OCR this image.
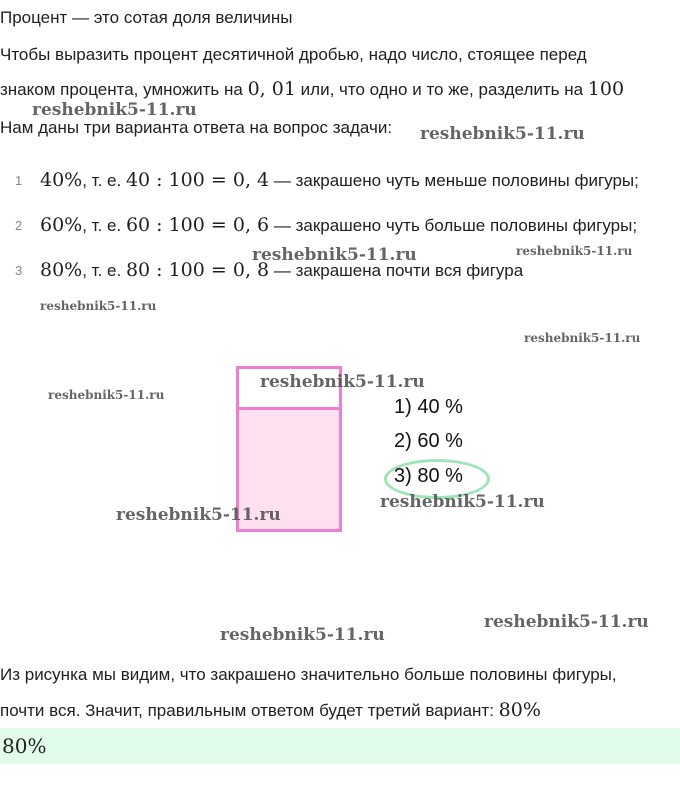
Процент — это сотая доля величины
Чтобы выразить процент десятичной дробью, надо число, стоящее перед
знаком процента, умножить на 0, 01 или, что одно и то же, разделить на 100
Нам даны три варианта ответа на вопрос задачи:
1 40%, т. е. 40 : 100 = 0, 4 — закрашено чуть меньше половины фигуры;
2 60%, т. е. 60 : 100 = 0, 6 — закрашено чуть больше половины фигуры;
3 80%, т. е. 80 : 100 = 0, 8 — закрашена почти вся фигура
1) 40 %
2) 60 %
3) 80 %
Из рисунка мы видим, что закрашено значительно больше половины фигуры,
почти вся. Значит, правильным ответом будет третий вариант: 80%
80%
reshebnik5-11.ru
reshebnik5-11.ru
reshebnik5-11.ru	reshebnik5-11.ru
reshebnik5-11.ru
reshebnik5-11.ru
reshebnik5-11.ru
reshebnik5-11.ru
reshebnik5-11.ru
reshebnik5-11.ru
reshebnik5-11.ru
reshebnik5-11.ru
